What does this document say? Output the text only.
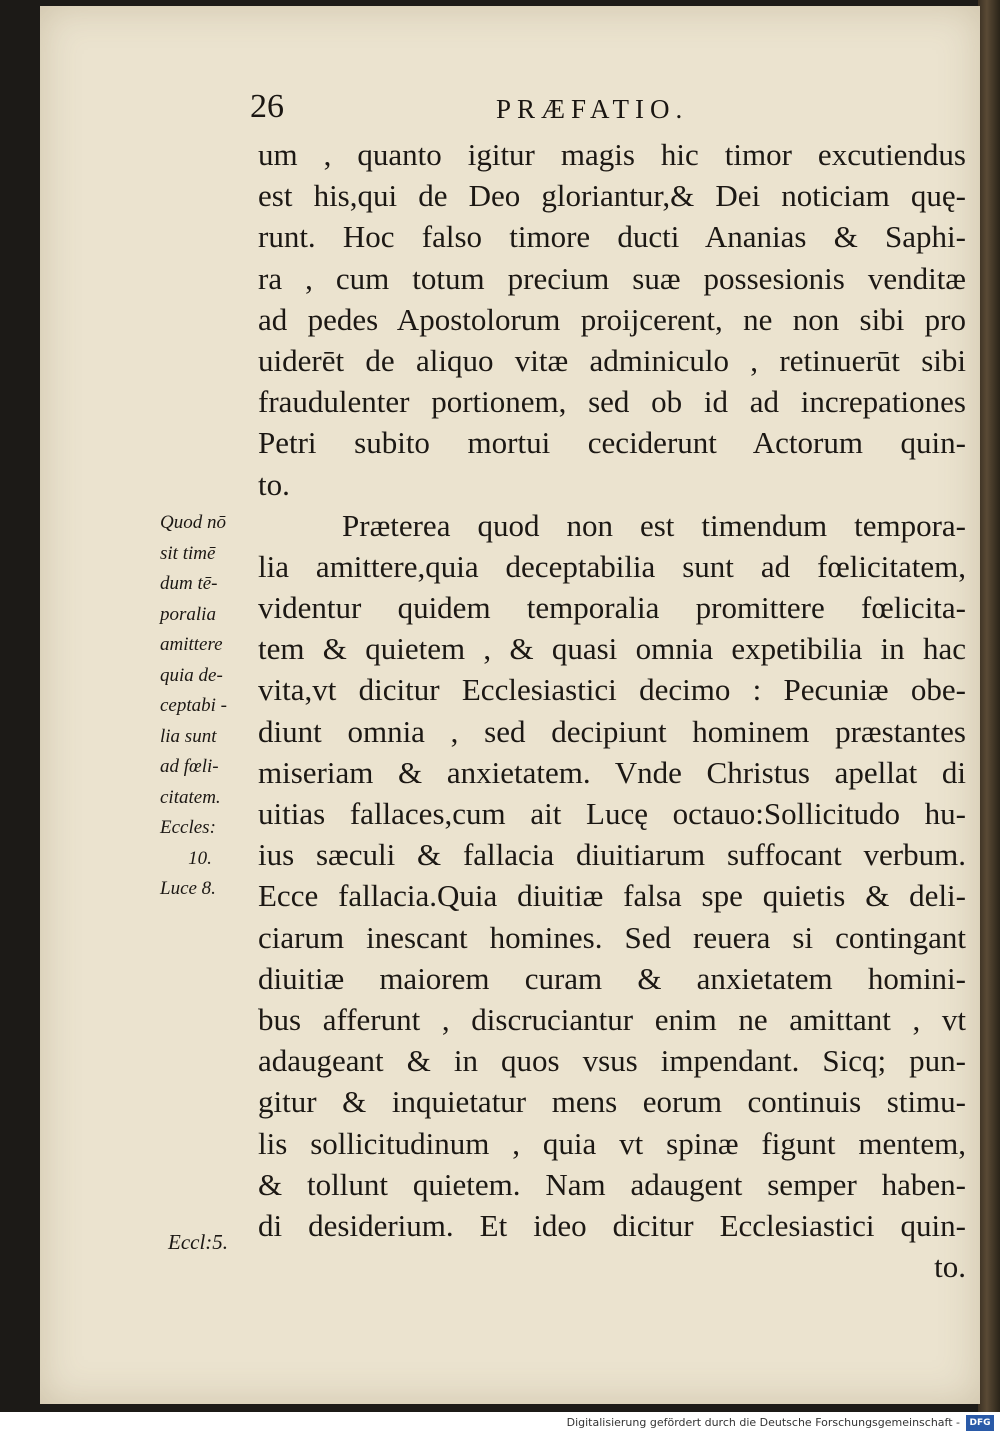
26	PRÆFATIO.
um , quanto igitur magis hic timor excutiendus
est his,qui de Deo gloriantur,& Dei noticiam quę-
runt. Hoc falso timore ducti Ananias & Saphi-
ra , cum totum precium suæ possesionis venditæ
ad pedes Apostolorum proijcerent, ne non sibi pro
uiderēt de aliquo vitæ adminiculo , retinuerūt sibi
fraudulenter portionem, sed ob id ad increpationes
Petri subito mortui ceciderunt Actorum quin-
to.
Præterea quod non est timendum tempora-
lia amittere,quia deceptabilia sunt ad fœlicitatem,
videntur quidem temporalia promittere fœlicita-
tem & quietem , & quasi omnia expetibilia in hac
vita,vt dicitur Ecclesiastici decimo : Pecuniæ obe-
diunt omnia , sed decipiunt hominem præstantes
miseriam & anxietatem. Vnde Christus apellat di
uitias fallaces,cum ait Lucę octauo:Sollicitudo hu-
ius sæculi & fallacia diuitiarum suffocant verbum.
Ecce fallacia.Quia diuitiæ falsa spe quietis & deli-
ciarum inescant homines. Sed reuera si contingant
diuitiæ maiorem curam & anxietatem homini-
bus afferunt , discruciantur enim ne amittant , vt
adaugeant & in quos vsus impendant. Sicq; pun-
gitur & inquietatur mens eorum continuis stimu-
lis sollicitudinum , quia vt spinæ figunt mentem,
& tollunt quietem. Nam adaugent semper haben-
di desiderium. Et ideo dicitur Ecclesiastici quin-
to.
Quod nō
sit timē
dum tē-
poralia
amittere
quia de-
ceptabi -
lia sunt
ad fœli-
citatem.
Eccles:
10.
Luce 8.
Eccl:5.
Digitalisierung gefördert durch die Deutsche Forschungsgemeinschaft -	DFG
